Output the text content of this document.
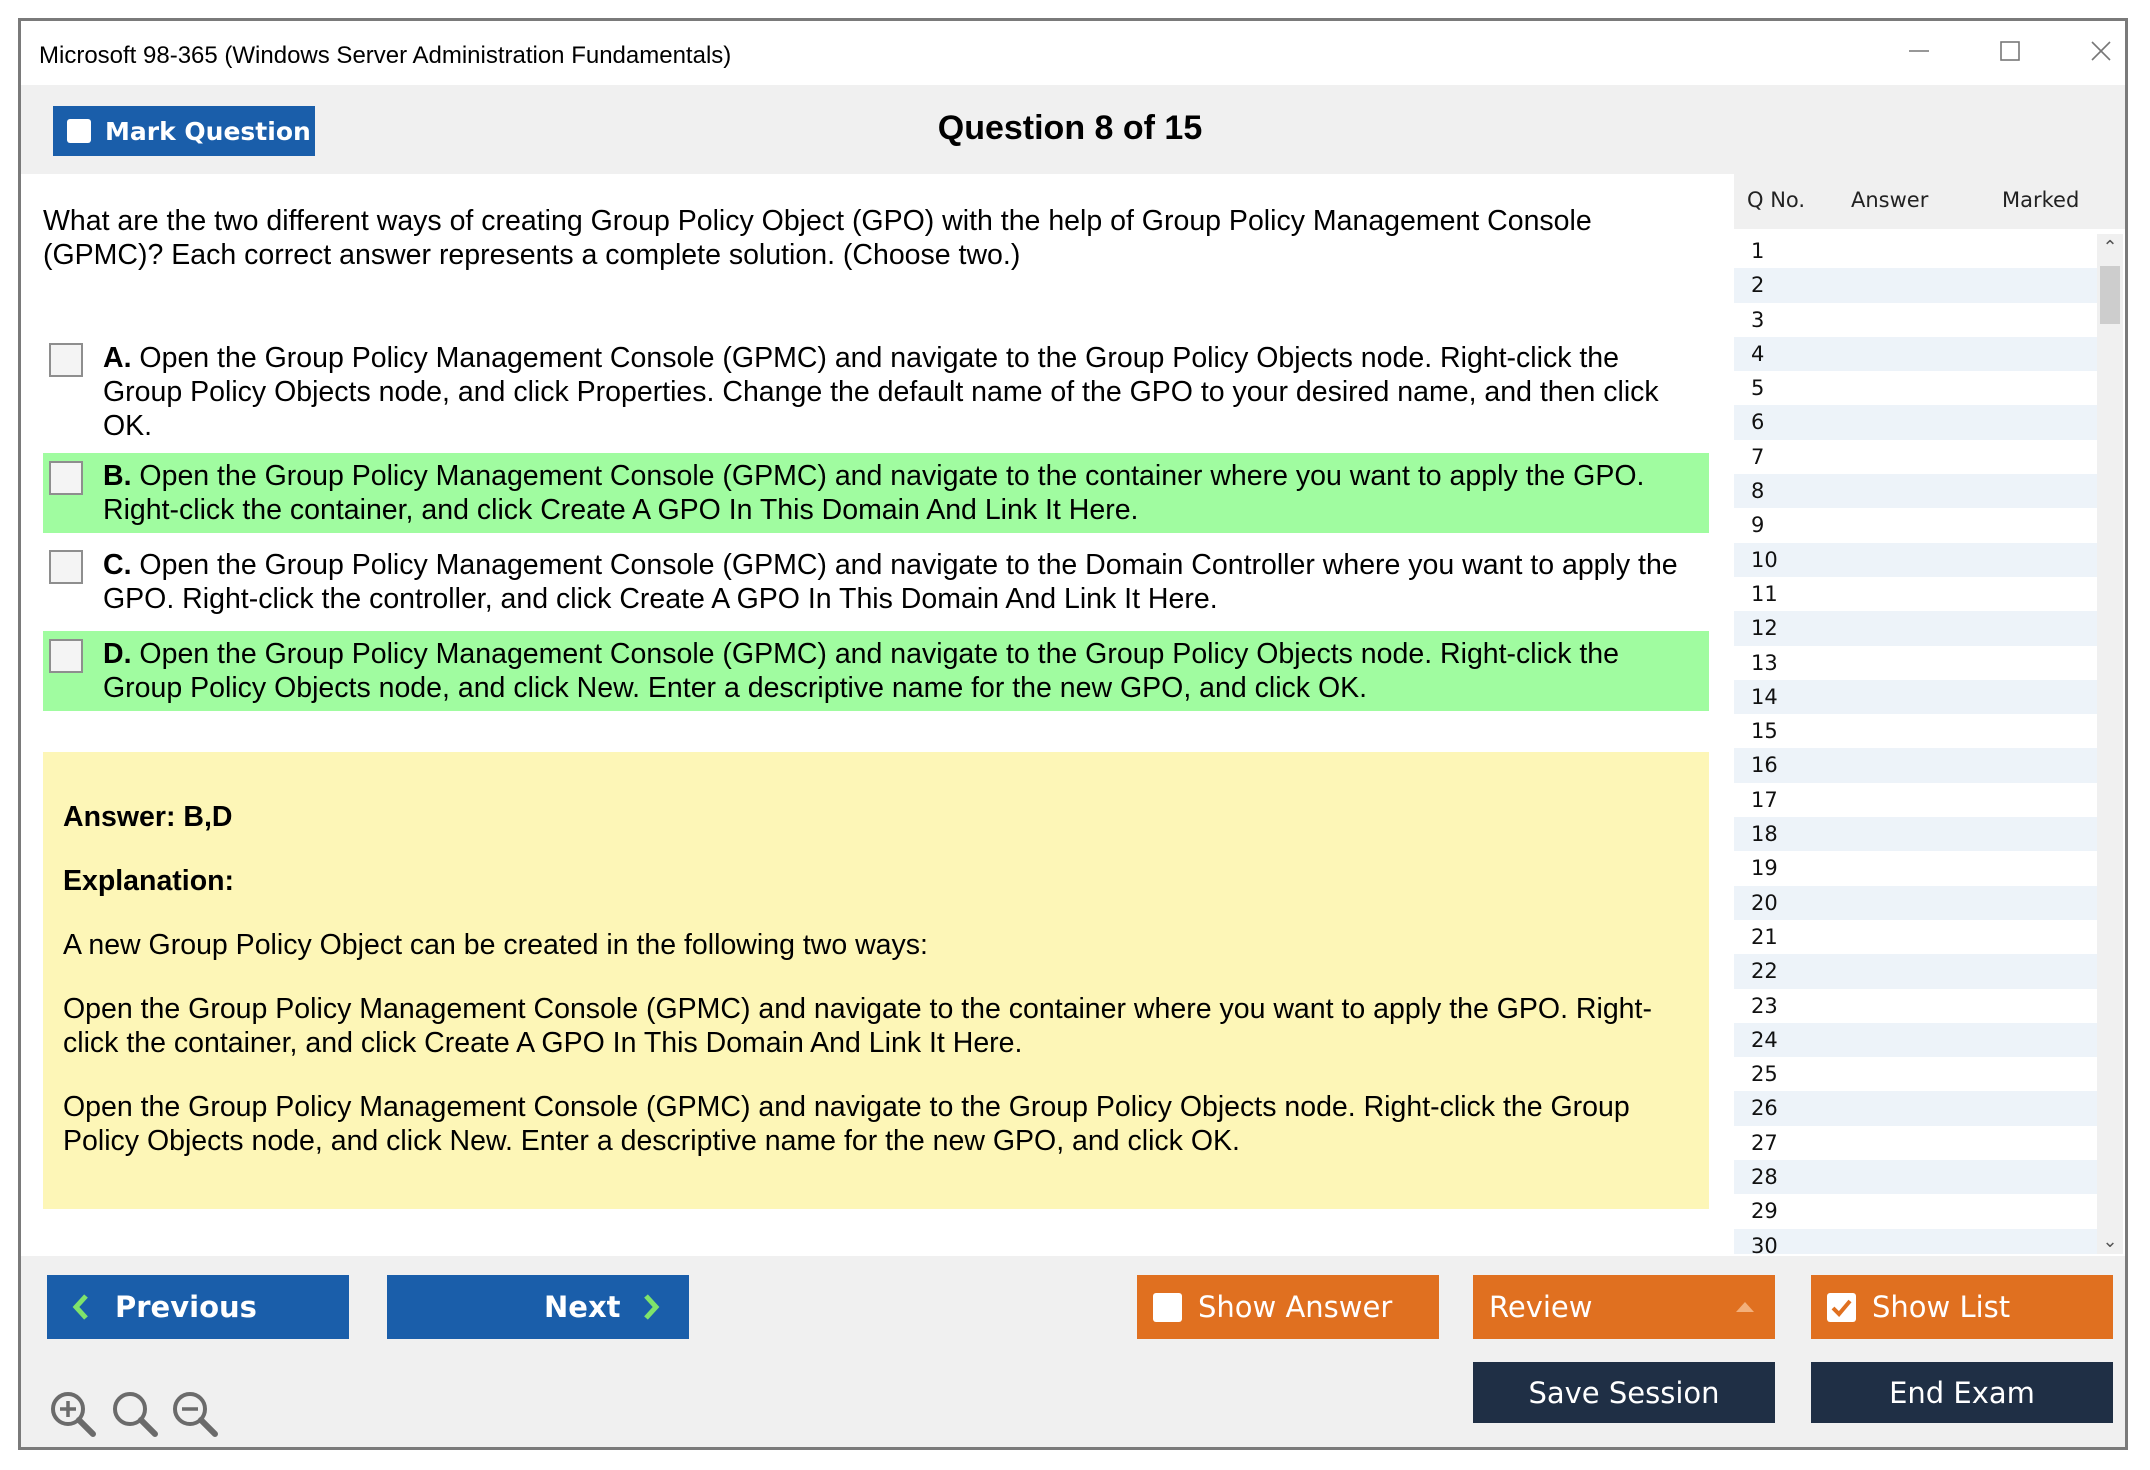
Microsoft 98-365 (Windows Server Administration Fundamentals)
Mark Question	Question 8 of 15
What are the two different ways of creating Group Policy Object (GPO) with the help of Group Policy Management Console (GPMC)? Each correct answer represents a complete solution. (Choose two.)
A. Open the Group Policy Management Console (GPMC) and navigate to the Group Policy Objects node. Right-click the Group Policy Objects node, and click Properties. Change the default name of the GPO to your desired name, and then click OK.
B. Open the Group Policy Management Console (GPMC) and navigate to the container where you want to apply the GPO. Right-click the container, and click Create A GPO In This Domain And Link It Here.
C. Open the Group Policy Management Console (GPMC) and navigate to the Domain Controller where you want to apply the GPO. Right-click the controller, and click Create A GPO In This Domain And Link It Here.
D. Open the Group Policy Management Console (GPMC) and navigate to the Group Policy Objects node. Right-click the Group Policy Objects node, and click New. Enter a descriptive name for the new GPO, and click OK.
Answer: B,D
Explanation:

A new Group Policy Object can be created in the following two ways:

Open the Group Policy Management Console (GPMC) and navigate to the container where you want to apply the GPO. Right-click the container, and click Create A GPO In This Domain And Link It Here.

Open the Group Policy Management Console (GPMC) and navigate to the Group Policy Objects node. Right-click the Group Policy Objects node, and click New. Enter a descriptive name for the new GPO, and click OK.

Q No. Answer	Marked
1
2
3
4
5
6
7
8
9
10
11
12
13
14
15
16
17
18
19
20
21
22
23
24
25
26
27
28
29
30
⌃
⌄
Previous	Next	Show Answer	Review	Show List
Save Session	End Exam
